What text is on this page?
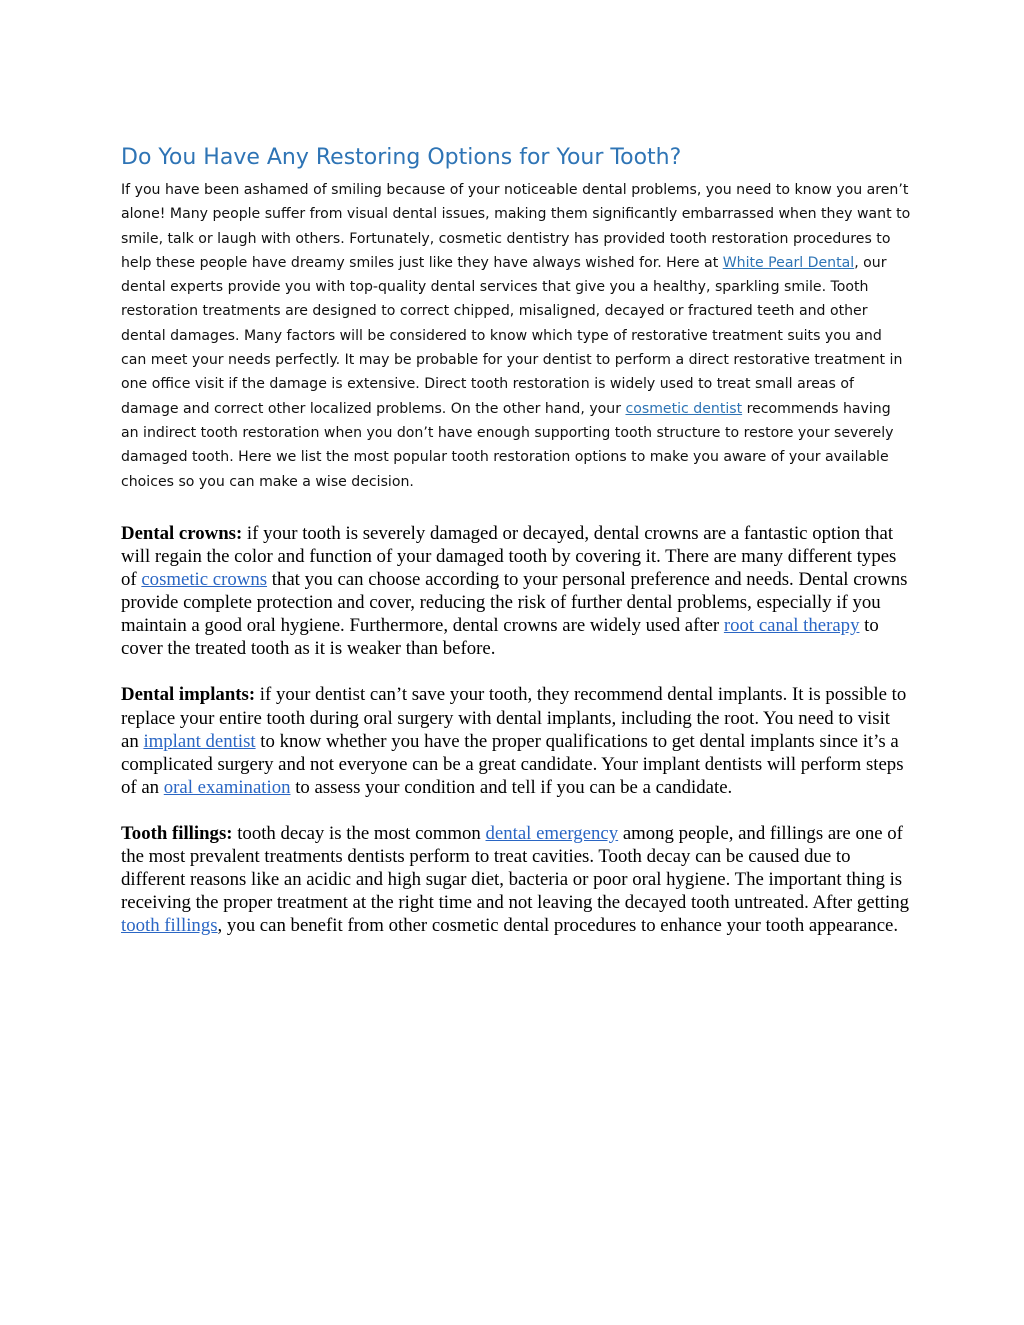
Do You Have Any Restoring Options for Your Tooth?

If you have been ashamed of smiling because of your noticeable dental problems, you need to know you aren’t alone! Many people suffer from visual dental issues, making them significantly embarrassed when they want to smile, talk or laugh with others. Fortunately, cosmetic dentistry has provided tooth restoration procedures to help these people have dreamy smiles just like they have always wished for. Here at White Pearl Dental, our dental experts provide you with top-quality dental services that give you a healthy, sparkling smile. Tooth restoration treatments are designed to correct chipped, misaligned, decayed or fractured teeth and other dental damages. Many factors will be considered to know which type of restorative treatment suits you and can meet your needs perfectly. It may be probable for your dentist to perform a direct restorative treatment in one office visit if the damage is extensive. Direct tooth restoration is widely used to treat small areas of damage and correct other localized problems. On the other hand, your cosmetic dentist recommends having an indirect tooth restoration when you don’t have enough supporting tooth structure to restore your severely damaged tooth. Here we list the most popular tooth restoration options to make you aware of your available choices so you can make a wise decision.

Dental crowns: if your tooth is severely damaged or decayed, dental crowns are a fantastic option that will regain the color and function of your damaged tooth by covering it. There are many different types of cosmetic crowns that you can choose according to your personal preference and needs. Dental crowns provide complete protection and cover, reducing the risk of further dental problems, especially if you maintain a good oral hygiene. Furthermore, dental crowns are widely used after root canal therapy to cover the treated tooth as it is weaker than before.

Dental implants: if your dentist can’t save your tooth, they recommend dental implants. It is possible to replace your entire tooth during oral surgery with dental implants, including the root. You need to visit an implant dentist to know whether you have the proper qualifications to get dental implants since it’s a complicated surgery and not everyone can be a great candidate. Your implant dentists will perform steps of an oral examination to assess your condition and tell if you can be a candidate.

Tooth fillings: tooth decay is the most common dental emergency among people, and fillings are one of the most prevalent treatments dentists perform to treat cavities. Tooth decay can be caused due to different reasons like an acidic and high sugar diet, bacteria or poor oral hygiene. The important thing is receiving the proper treatment at the right time and not leaving the decayed tooth untreated. After getting tooth fillings, you can benefit from other cosmetic dental procedures to enhance your tooth appearance.
